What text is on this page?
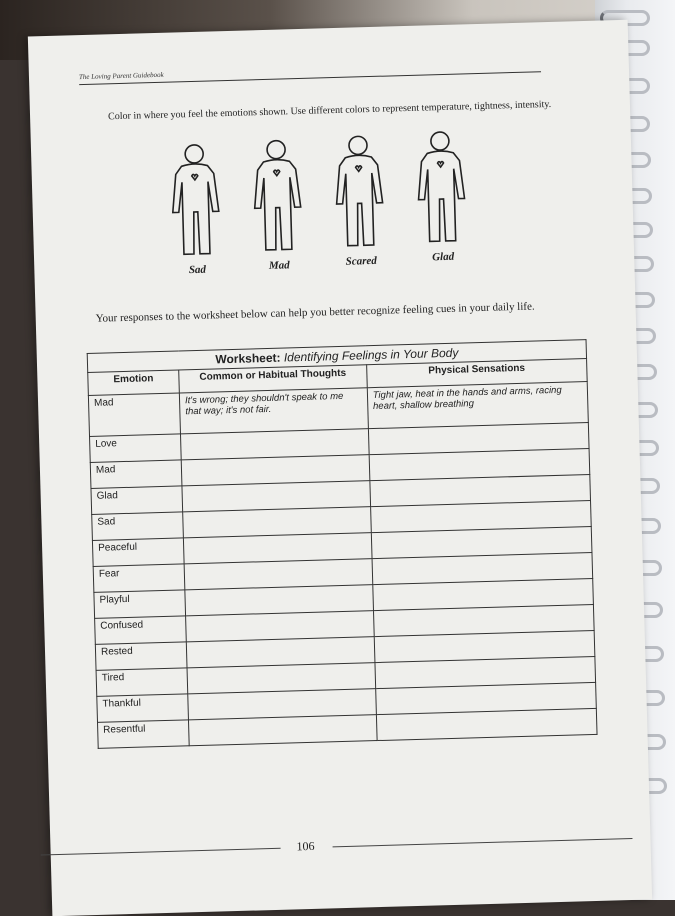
The Loving Parent Guidebook
Color in where you feel the emotions shown. Use different colors to represent temperature, tightness, intensity.
Sad	Mad	Scared	Glad
Your responses to the worksheet below can help you better recognize feeling cues in your daily life.
Worksheet: Identifying Feelings in Your Body		
Emotion	Common or Habitual Thoughts	Physical Sensations
Mad	It's wrong; they shouldn't speak to me that way; it's not fair.	Tight jaw, heat in the hands and arms, racing heart, shallow breathing
Love		
Mad		
Glad		
Sad		
Peaceful		
Fear		
Playful		
Confused		
Rested		
Tired		
Thankful		
Resentful		
106
